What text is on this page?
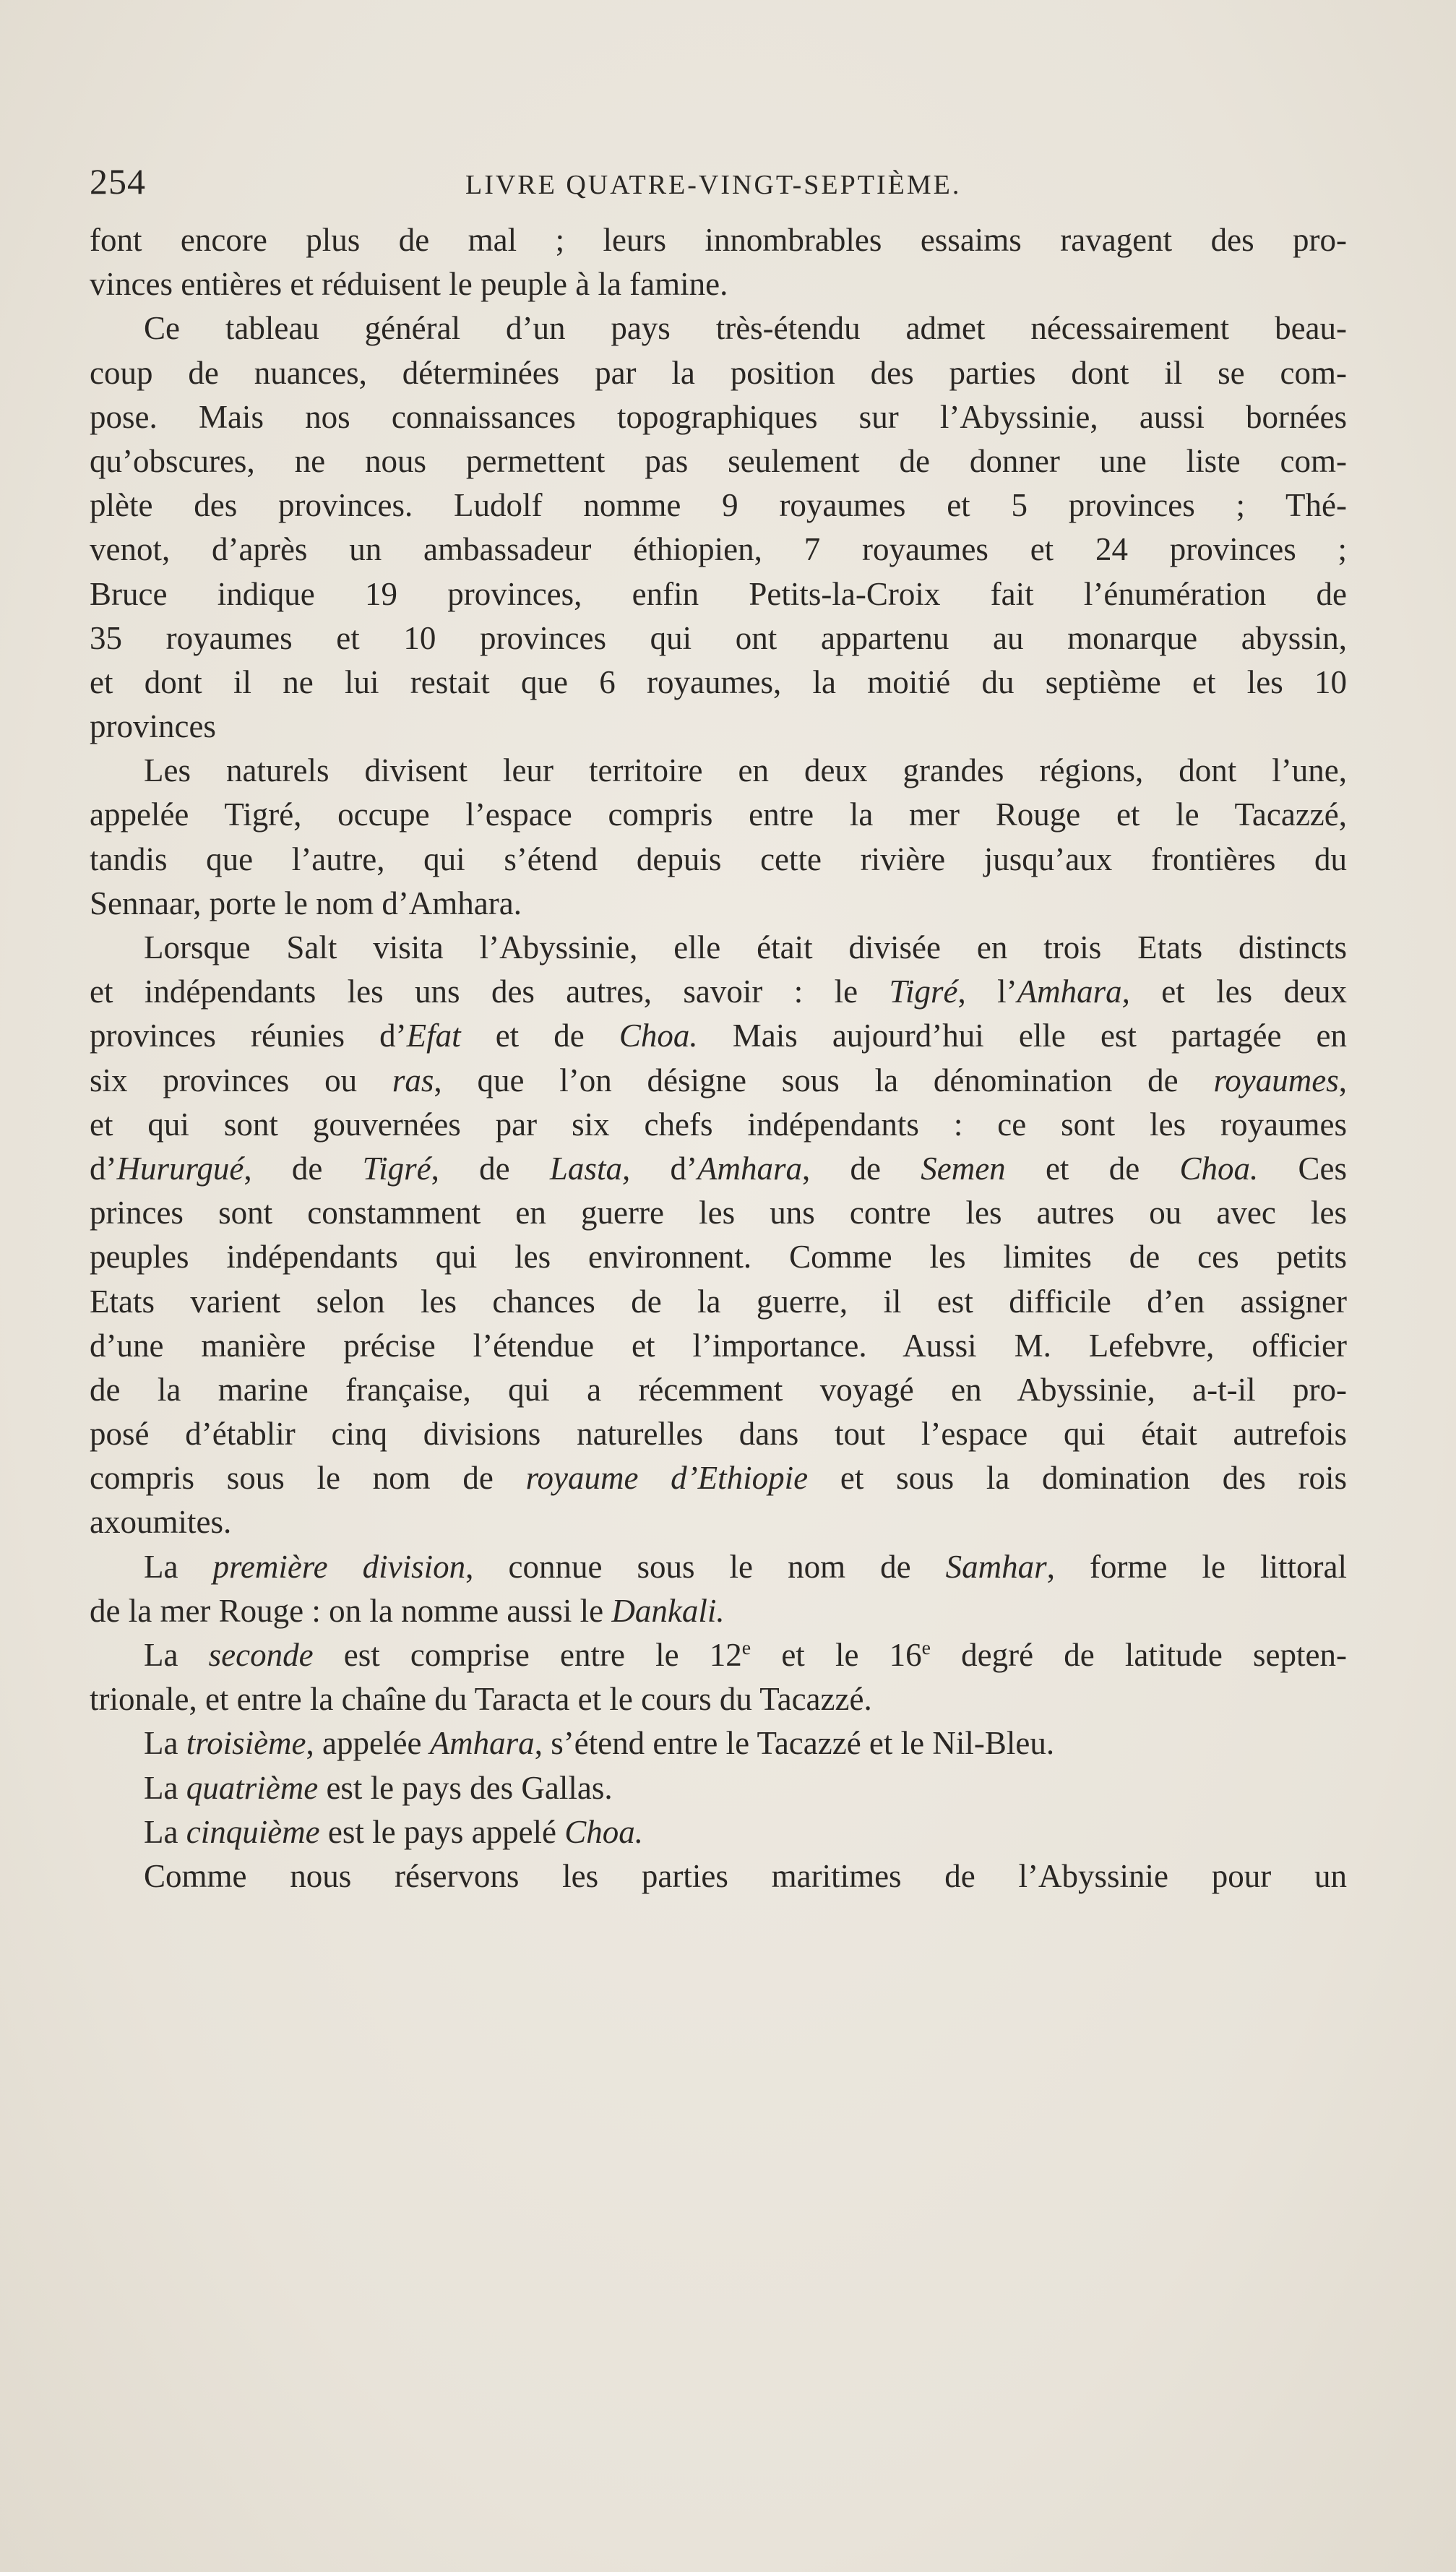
254	LIVRE QUATRE-VINGT-SEPTIÈME.
font encore plus de mal ; leurs innombrables essaims ravagent des pro-
vinces entières et réduisent le peuple à la famine.
Ce tableau général d’un pays très-étendu admet nécessairement beau-
coup de nuances, déterminées par la position des parties dont il se com-
pose. Mais nos connaissances topographiques sur l’Abyssinie, aussi bornées
qu’obscures, ne nous permettent pas seulement de donner une liste com-
plète des provinces. Ludolf nomme 9 royaumes et 5 provinces ; Thé-
venot, d’après un ambassadeur éthiopien, 7 royaumes et 24 provinces ;
Bruce indique 19 provinces, enfin Petits-la-Croix fait l’énumération de
35 royaumes et 10 provinces qui ont appartenu au monarque abyssin,
et dont il ne lui restait que 6 royaumes, la moitié du septième et les 10
provinces
Les naturels divisent leur territoire en deux grandes régions, dont l’une,
appelée Tigré, occupe l’espace compris entre la mer Rouge et le Tacazzé,
tandis que l’autre, qui s’étend depuis cette rivière jusqu’aux frontières du
Sennaar, porte le nom d’Amhara.
Lorsque Salt visita l’Abyssinie, elle était divisée en trois Etats distincts
et indépendants les uns des autres, savoir : le Tigré, l’Amhara, et les deux
provinces réunies d’Efat et de Choa. Mais aujourd’hui elle est partagée en
six provinces ou ras, que l’on désigne sous la dénomination de royaumes,
et qui sont gouvernées par six chefs indépendants : ce sont les royaumes
d’Hururgué, de Tigré, de Lasta, d’Amhara, de Semen et de Choa. Ces
princes sont constamment en guerre les uns contre les autres ou avec les
peuples indépendants qui les environnent. Comme les limites de ces petits
Etats varient selon les chances de la guerre, il est difficile d’en assigner
d’une manière précise l’étendue et l’importance. Aussi M. Lefebvre, officier
de la marine française, qui a récemment voyagé en Abyssinie, a-t-il pro-
posé d’établir cinq divisions naturelles dans tout l’espace qui était autrefois
compris sous le nom de royaume d’Ethiopie et sous la domination des rois
axoumites.
La première division, connue sous le nom de Samhar, forme le littoral
de la mer Rouge : on la nomme aussi le Dankali.
La seconde est comprise entre le 12e et le 16e degré de latitude septen-
trionale, et entre la chaîne du Taracta et le cours du Tacazzé.
La troisième, appelée Amhara, s’étend entre le Tacazzé et le Nil-Bleu.
La quatrième est le pays des Gallas.
La cinquième est le pays appelé Choa.
Comme nous réservons les parties maritimes de l’Abyssinie pour un
